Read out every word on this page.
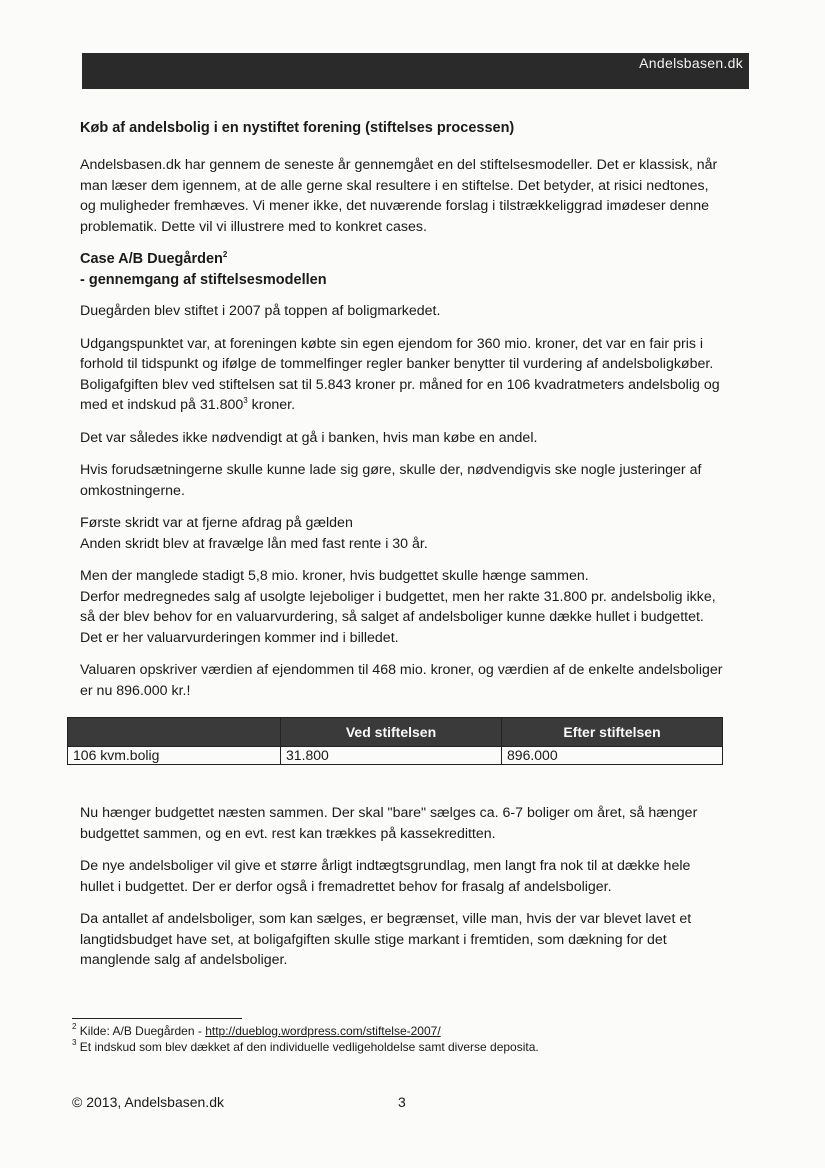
Andelsbasen.dk
Køb af andelsbolig i en nystiftet forening (stiftelses processen)

Andelsbasen.dk har gennem de seneste år gennemgået en del stiftelsesmodeller. Det er klassisk, når man læser dem igennem, at de alle gerne skal resultere i en stiftelse. Det betyder, at risici nedtones, og muligheder fremhæves. Vi mener ikke, det nuværende forslag i tilstrækkeliggrad imødeser denne problematik. Dette vil vi illustrere med to konkret cases.

Case A/B Duegården$^2$
- gennemgang af stiftelsesmodellen

Duegården blev stiftet i 2007 på toppen af boligmarkedet.

Udgangspunktet var, at foreningen købte sin egen ejendom for 360 mio. kroner, det var en fair pris i forhold til tidspunkt og ifølge de tommelfinger regler banker benytter til vurdering af andelsboligkøber. Boligafgiften blev ved stiftelsen sat til 5.843 kroner pr. måned for en 106 kvadratmeters andelsbolig og med et indskud på 31.800$^3$ kroner.

Det var således ikke nødvendigt at gå i banken, hvis man købe en andel.

Hvis forudsætningerne skulle kunne lade sig gøre, skulle der, nødvendigvis ske nogle justeringer af omkostningerne.

Første skridt var at fjerne afdrag på gælden
Anden skridt blev at fravælge lån med fast rente i 30 år.

Men der manglede stadigt 5,8 mio. kroner, hvis budgettet skulle hænge sammen.
Derfor medregnedes salg af usolgte lejeboliger i budgettet, men her rakte 31.800 pr. andelsbolig ikke, så der blev behov for en valuarvurdering, så salget af andelsboliger kunne dække hullet i budgettet. Det er her valuarvurderingen kommer ind i billedet.

Valuaren opskriver værdien af ejendommen til 468 mio. kroner, og værdien af de enkelte andelsboliger er nu 896.000 kr.!

	Ved stiftelsen	Efter stiftelsen
106 kvm.bolig	31.800	896.000

Nu hænger budgettet næsten sammen. Der skal "bare" sælges ca. 6-7 boliger om året, så hænger budgettet sammen, og en evt. rest kan trækkes på kassekreditten.

De nye andelsboliger vil give et større årligt indtægtsgrundlag, men langt fra nok til at dække hele hullet i budgettet. Der er derfor også i fremadrettet behov for frasalg af andelsboliger.

Da antallet af andelsboliger, som kan sælges, er begrænset, ville man, hvis der var blevet lavet et langtidsbudget have set, at boligafgiften skulle stige markant i fremtiden, som dækning for det manglende salg af andelsboliger.

$^2$ Kilde: A/B Duegården - http://dueblog.wordpress.com/stiftelse-2007/
$^3$ Et indskud som blev dækket af den individuelle vedligeholdelse samt diverse deposita.
© 2013, Andelsbasen.dk	3
